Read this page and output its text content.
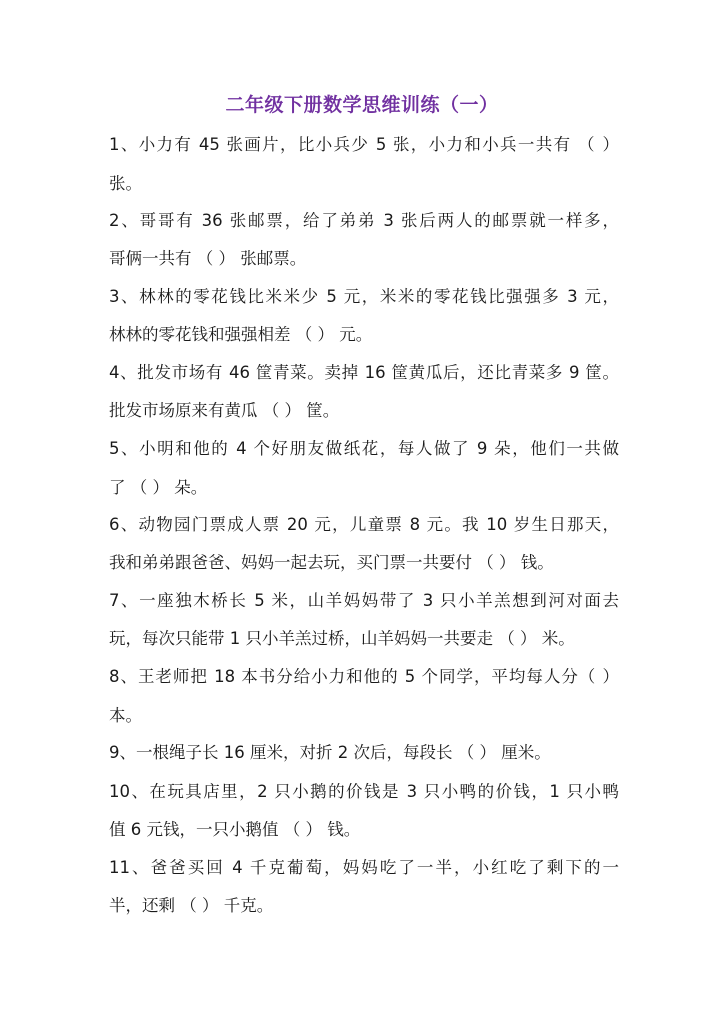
二年级下册数学思维训练（一）
1、小力有 45 张画片，比小兵少 5 张，小力和小兵一共有 （ ）
张。
2、哥哥有 36 张邮票，给了弟弟 3 张后两人的邮票就一样多，
哥俩一共有 （ ） 张邮票。
3、林林的零花钱比米米少 5 元，米米的零花钱比强强多 3 元，
林林的零花钱和强强相差 （ ） 元。
4、批发市场有 46 筐青菜。卖掉 16 筐黄瓜后，还比青菜多 9 筐。
批发市场原来有黄瓜 （ ） 筐。
5、小明和他的 4 个好朋友做纸花，每人做了 9 朵，他们一共做
了 （ ） 朵。
6、动物园门票成人票 20 元，儿童票 8 元。我 10 岁生日那天，
我和弟弟跟爸爸、妈妈一起去玩，买门票一共要付 （ ） 钱。
7、一座独木桥长 5 米，山羊妈妈带了 3 只小羊羔想到河对面去
玩，每次只能带 1 只小羊羔过桥，山羊妈妈一共要走 （ ） 米。
8、王老师把 18 本书分给小力和他的 5 个同学，平均每人分（ ）
本。
9、一根绳子长 16 厘米，对折 2 次后，每段长 （ ） 厘米。
10、在玩具店里，2 只小鹅的价钱是 3 只小鸭的价钱，1 只小鸭
值 6 元钱，一只小鹅值 （ ） 钱。
11、爸爸买回 4 千克葡萄，妈妈吃了一半，小红吃了剩下的一
半，还剩 （ ） 千克。
